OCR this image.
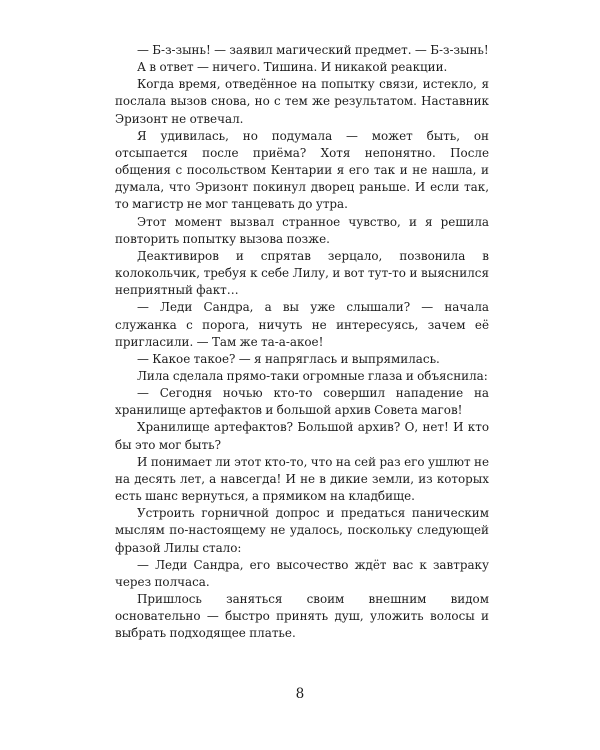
— Б-з-зынь! — заявил магический предмет. — Б-з-зынь!

А в ответ — ничего. Тишина. И никакой реакции.

Когда время, отведённое на попытку связи, истекло, я послала вызов снова, но с тем же результатом. Наставник Эризонт не отвечал.

Я удивилась, но подумала — может быть, он отсыпается после приёма? Хотя непонятно. После общения с посольством Кентарии я его так и не нашла, и думала, что Эризонт покинул дворец раньше. И если так, то магистр не мог танцевать до утра.

Этот момент вызвал странное чувство, и я решила повторить попытку вызова позже.

Деактивиров и спрятав зерцало, позвонила в колокольчик, требуя к себе Лилу, и вот тут-то и выяснился неприятный факт…

— Леди Сандра, а вы уже слышали? — начала служанка с порога, ничуть не интересуясь, зачем её пригласили. — Там же та-а-акое!

— Какое такое? — я напряглась и выпрямилась.

Лила сделала прямо-таки огромные глаза и объяснила:

— Сегодня ночью кто-то совершил нападение на хранилище артефактов и большой архив Совета магов!

Хранилище артефактов? Большой архив? О, нет! И кто бы это мог быть?

И понимает ли этот кто-то, что на сей раз его ушлют не на десять лет, а навсегда! И не в дикие земли, из которых есть шанс вернуться, а прямиком на кладбище.

Устроить горничной допрос и предаться паническим мыслям по-настоящему не удалось, поскольку следующей фразой Лилы стало:

— Леди Сандра, его высочество ждёт вас к завтраку через полчаса.

Пришлось заняться своим внешним видом основательно — быстро принять душ, уложить волосы и выбрать подходящее платье.

8
